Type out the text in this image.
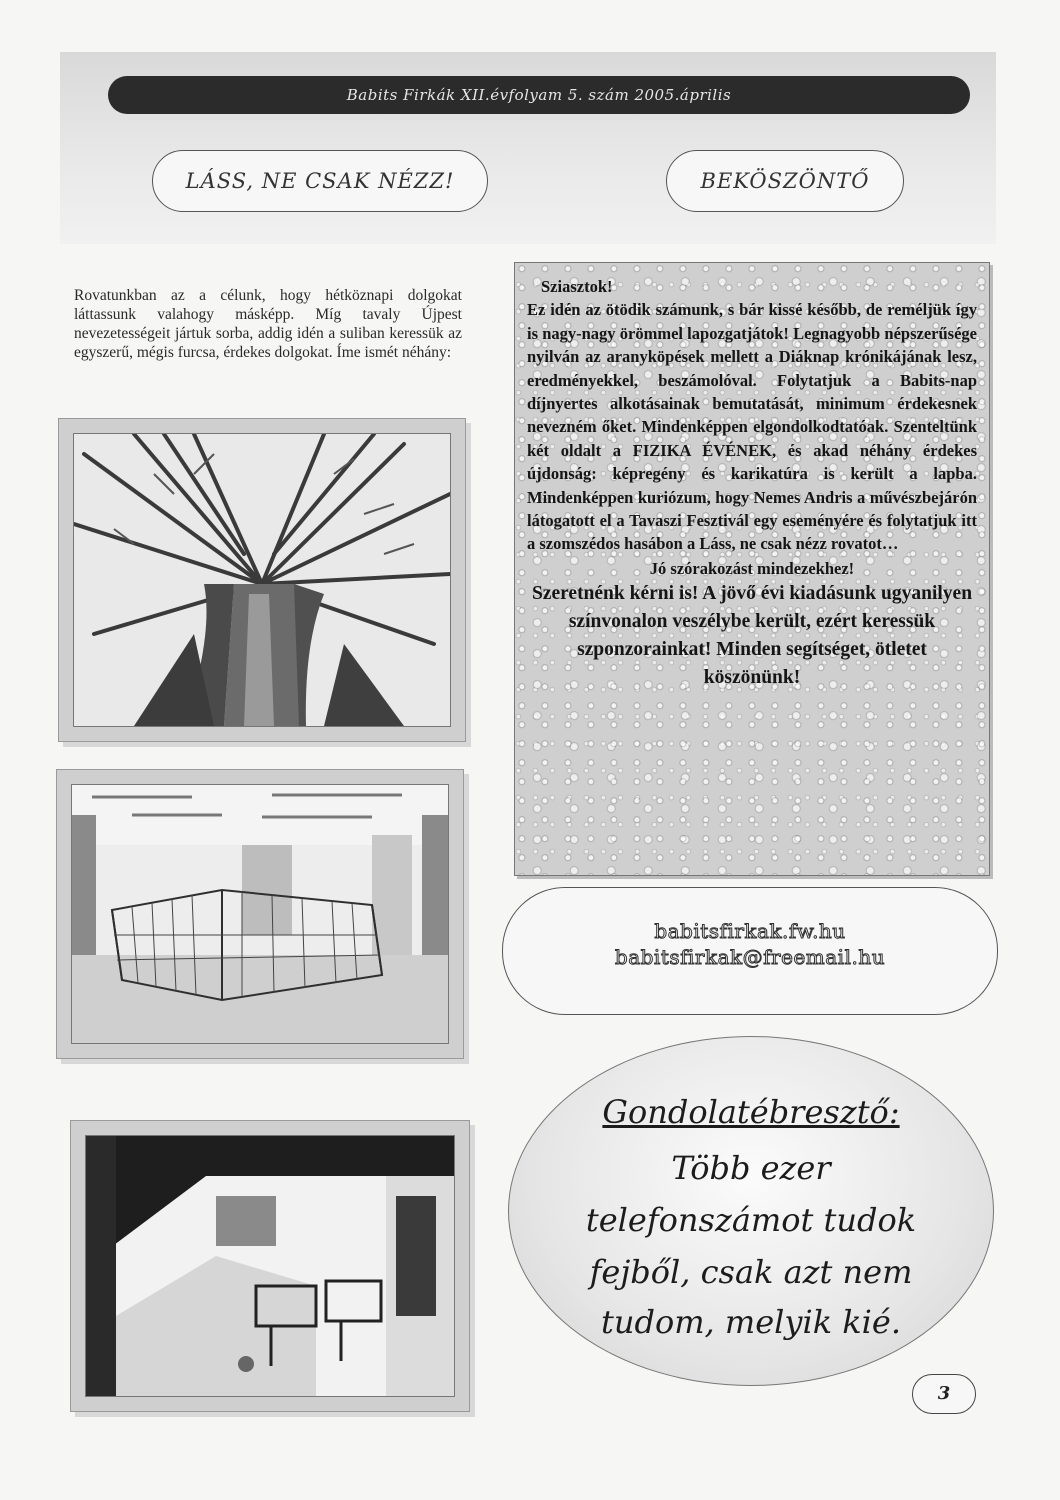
Babits Firkák XII.évfolyam 5. szám 2005.április
LÁSS, NE CSAK NÉZZ!	BEKÖSZÖNTŐ
Rovatunkban az a célunk, hogy hétköznapi dolgokat láttassunk valahogy másképp. Míg tavaly Újpest nevezetességeit jártuk sorba, addig idén a suliban keressük az egyszerű, mégis furcsa, érdekes dolgokat. Íme ismét néhány:

Sziasztok!

Ez idén az ötödik számunk, s bár kissé később, de reméljük így is nagy-nagy örömmel lapozgatjátok! Legnagyobb népszerűsége nyilván az aranyköpések mellett a Diáknap krónikájának lesz, eredményekkel, beszámolóval. Folytatjuk a Babits-nap díjnyertes alkotásainak bemutatását, minimum érdekesnek nevezném őket. Mindenképpen elgondolkodtatóak. Szenteltünk két oldalt a FIZIKA ÉVÉNEK, és akad néhány érdekes újdonság: képregény és karikatúra is került a lapba. Mindenképpen kuriózum, hogy Nemes Andris a művészbejárón látogatott el a Tavaszi Fesztivál egy eseményére és folytatjuk itt a szomszédos hasábon a Láss, ne csak nézz rovatot…

Jó szórakozást mindezekhez!

Szeretnénk kérni is! A jövő évi kiadásunk ugyanilyen színvonalon veszélybe került, ezért keressük szponzorainkat! Minden segítséget, ötletet köszönünk!

babitsfirkak.fw.hu
babitsfirkak@freemail.hu
Gondolatébresztő:
Több ezer
telefonszámot tudok
fejből, csak azt nem
tudom, melyik kié.
3
